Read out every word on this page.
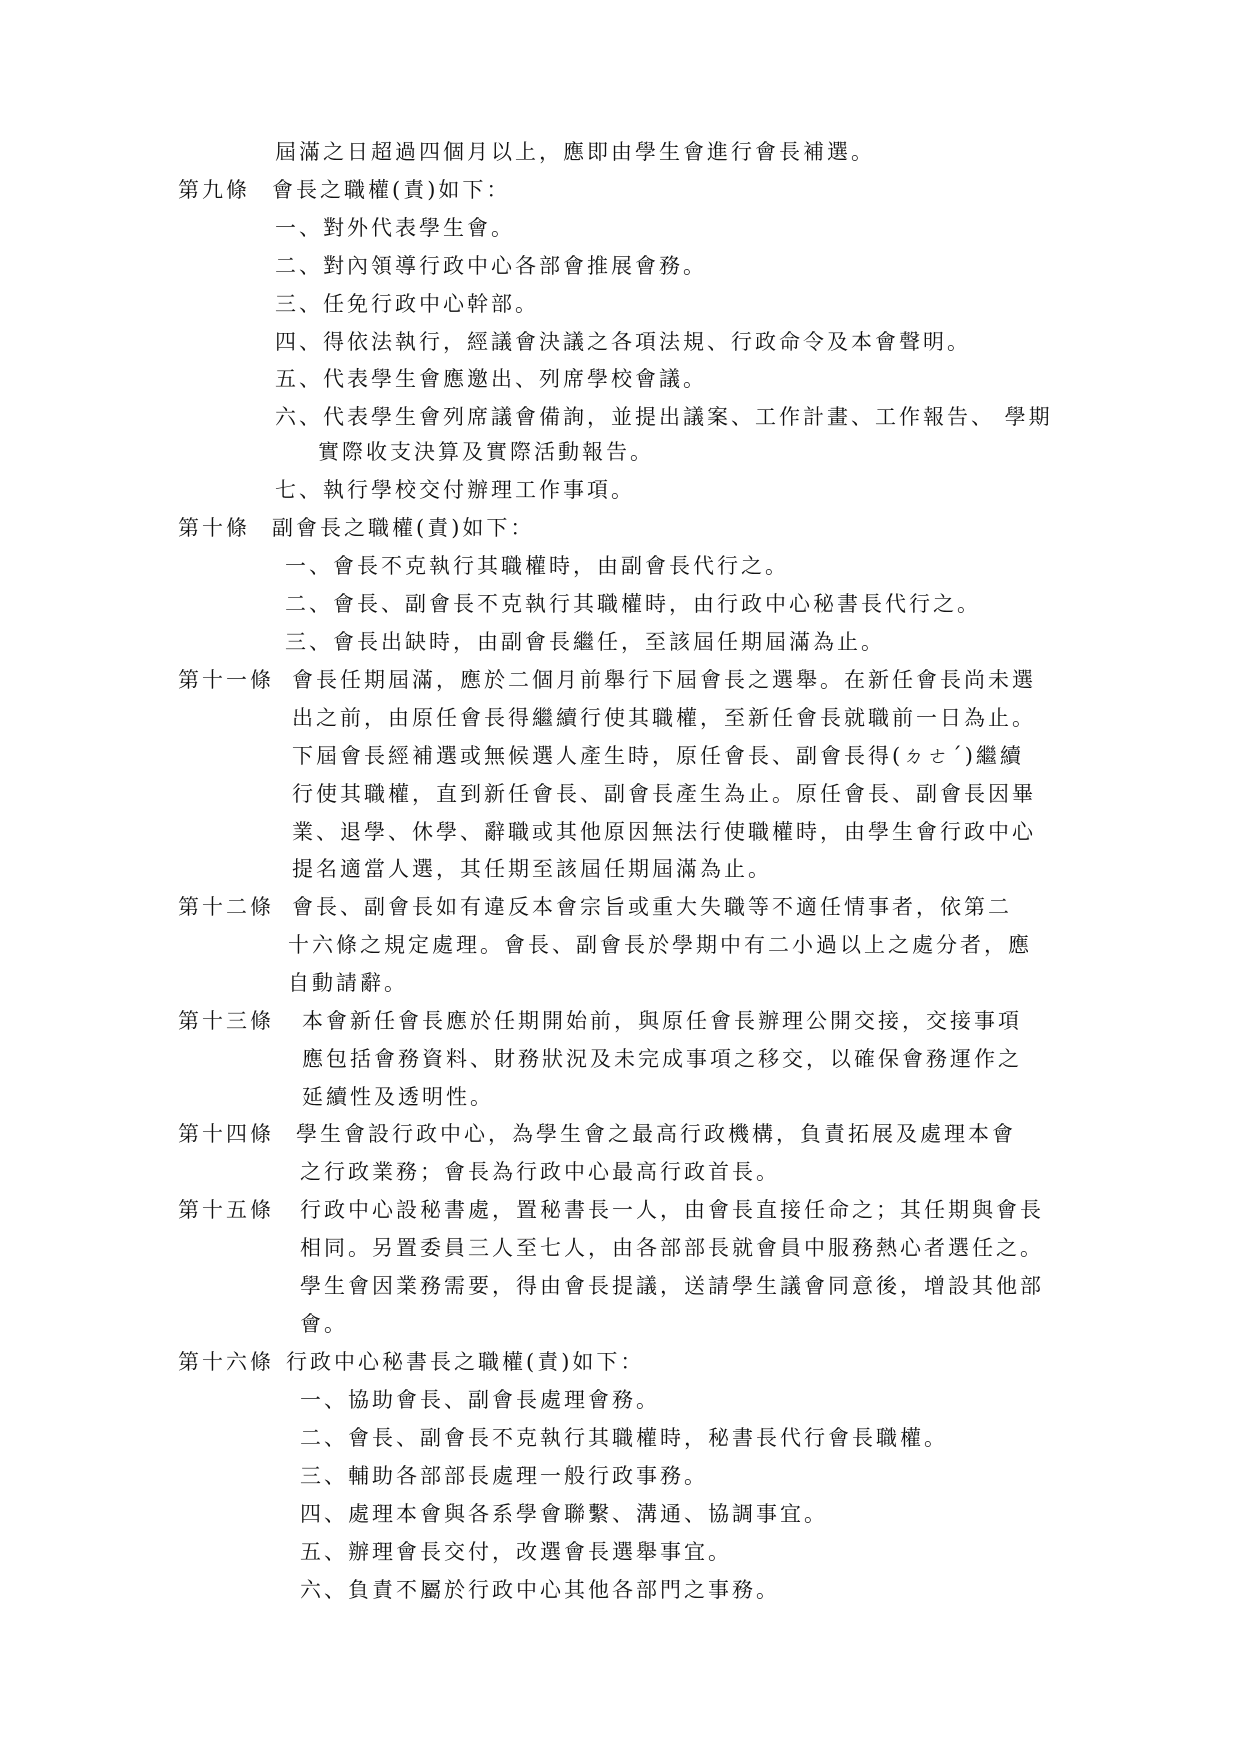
屆滿之日超過四個月以上，應即由學生會進行會長補選。
第九條 會長之職權(責)如下：
一、對外代表學生會。
二、對內領導行政中心各部會推展會務。
三、任免行政中心幹部。
四、得依法執行，經議會決議之各項法規、行政命令及本會聲明。
五、代表學生會應邀出、列席學校會議。
六、代表學生會列席議會備詢，並提出議案、工作計畫、工作報告、 學期
實際收支決算及實際活動報告。
七、執行學校交付辦理工作事項。
第十條 副會長之職權(責)如下：
一、會長不克執行其職權時，由副會長代行之。
二、會長、副會長不克執行其職權時，由行政中心秘書長代行之。
三、會長出缺時，由副會長繼任，至該屆任期屆滿為止。
第十一條 會長任期屆滿，應於二個月前舉行下屆會長之選舉。在新任會長尚未選
出之前，由原任會長得繼續行使其職權，至新任會長就職前一日為止。
下屆會長經補選或無候選人產生時，原任會長、副會長得(ㄉㄜˊ)繼續
行使其職權，直到新任會長、副會長產生為止。原任會長、副會長因畢
業、退學、休學、辭職或其他原因無法行使職權時，由學生會行政中心
提名適當人選，其任期至該屆任期屆滿為止。
第十二條 會長、副會長如有違反本會宗旨或重大失職等不適任情事者，依第二
十六條之規定處理。會長、副會長於學期中有二小過以上之處分者，應
自動請辭。
第十三條 本會新任會長應於任期開始前，與原任會長辦理公開交接，交接事項
應包括會務資料、財務狀況及未完成事項之移交，以確保會務運作之
延續性及透明性。
第十四條 學生會設行政中心，為學生會之最高行政機構，負責拓展及處理本會
之行政業務；會長為行政中心最高行政首長。
第十五條 行政中心設秘書處，置秘書長一人，由會長直接任命之；其任期與會長
相同。另置委員三人至七人，由各部部長就會員中服務熱心者選任之。
學生會因業務需要，得由會長提議，送請學生議會同意後，增設其他部
會。
第十六條 行政中心秘書長之職權(責)如下：
一、協助會長、副會長處理會務。
二、會長、副會長不克執行其職權時，秘書長代行會長職權。
三、輔助各部部長處理一般行政事務。
四、處理本會與各系學會聯繫、溝通、協調事宜。
五、辦理會長交付，改選會長選舉事宜。
六、負責不屬於行政中心其他各部門之事務。
